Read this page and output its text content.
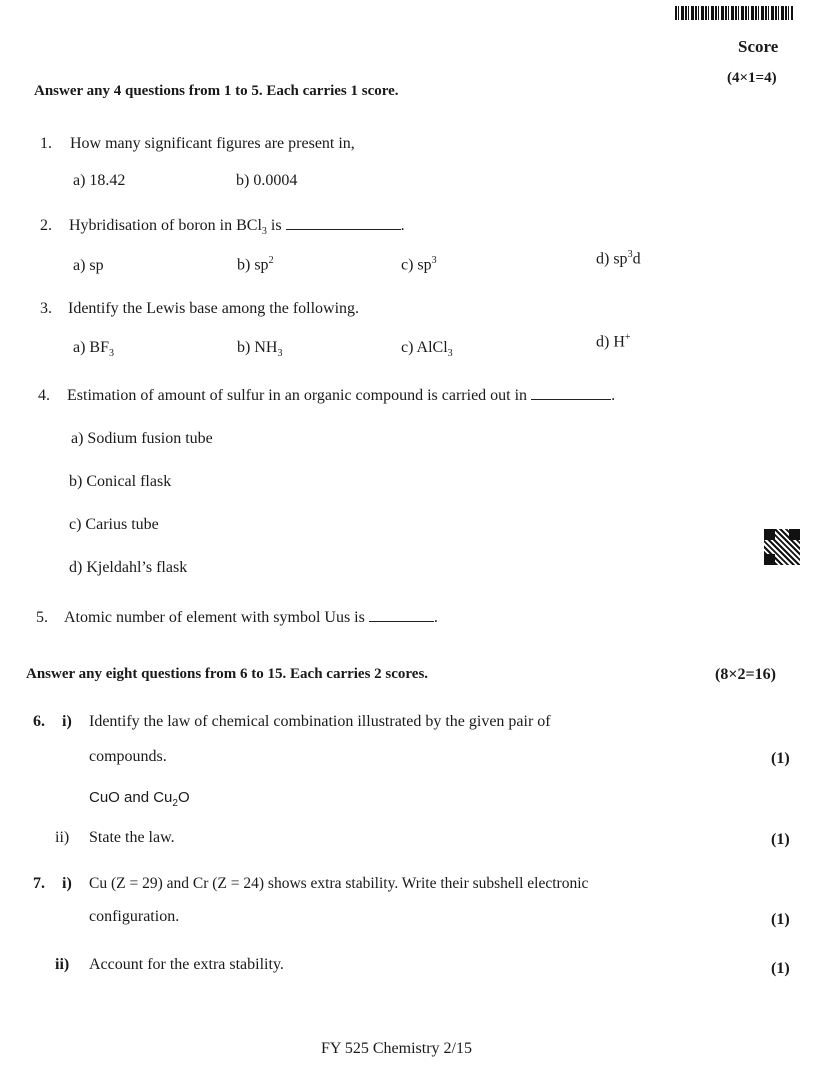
Score
(4×1=4)
Answer any 4 questions from 1 to 5. Each carries 1 score.
1. How many significant figures are present in,
a) 18.42	b) 0.0004
2. Hybridisation of boron in BCl$_3$ is	.
a) sp	b) $sp^2$	c) $sp^3$	d) $sp^3d$
3. Identify the Lewis base among the following.
a) $BF_3$	b) $NH_3$	c) AlCl$_3$
d) H+
4. Estimation of amount of sulfur in an organic compound is carried out in	.
a) Sodium fusion tube
b) Conical flask
c) Carius tube
d) Kjeldahl’s flask
5. Atomic number of element with symbol Uus is	.
Answer any eight questions from 6 to 15. Each carries 2 scores.	(8×2=16)
6. i) Identify the law of chemical combination illustrated by the given pair of
compounds.	(1)
CuO and $Cu_2O$
ii) State the law.	(1)
7. i) Cu (Z = 29) and Cr (Z = 24) shows extra stability. Write their subshell electronic
configuration.	(1)
ii) Account for the extra stability.	(1)
FY 525 Chemistry 2/15
